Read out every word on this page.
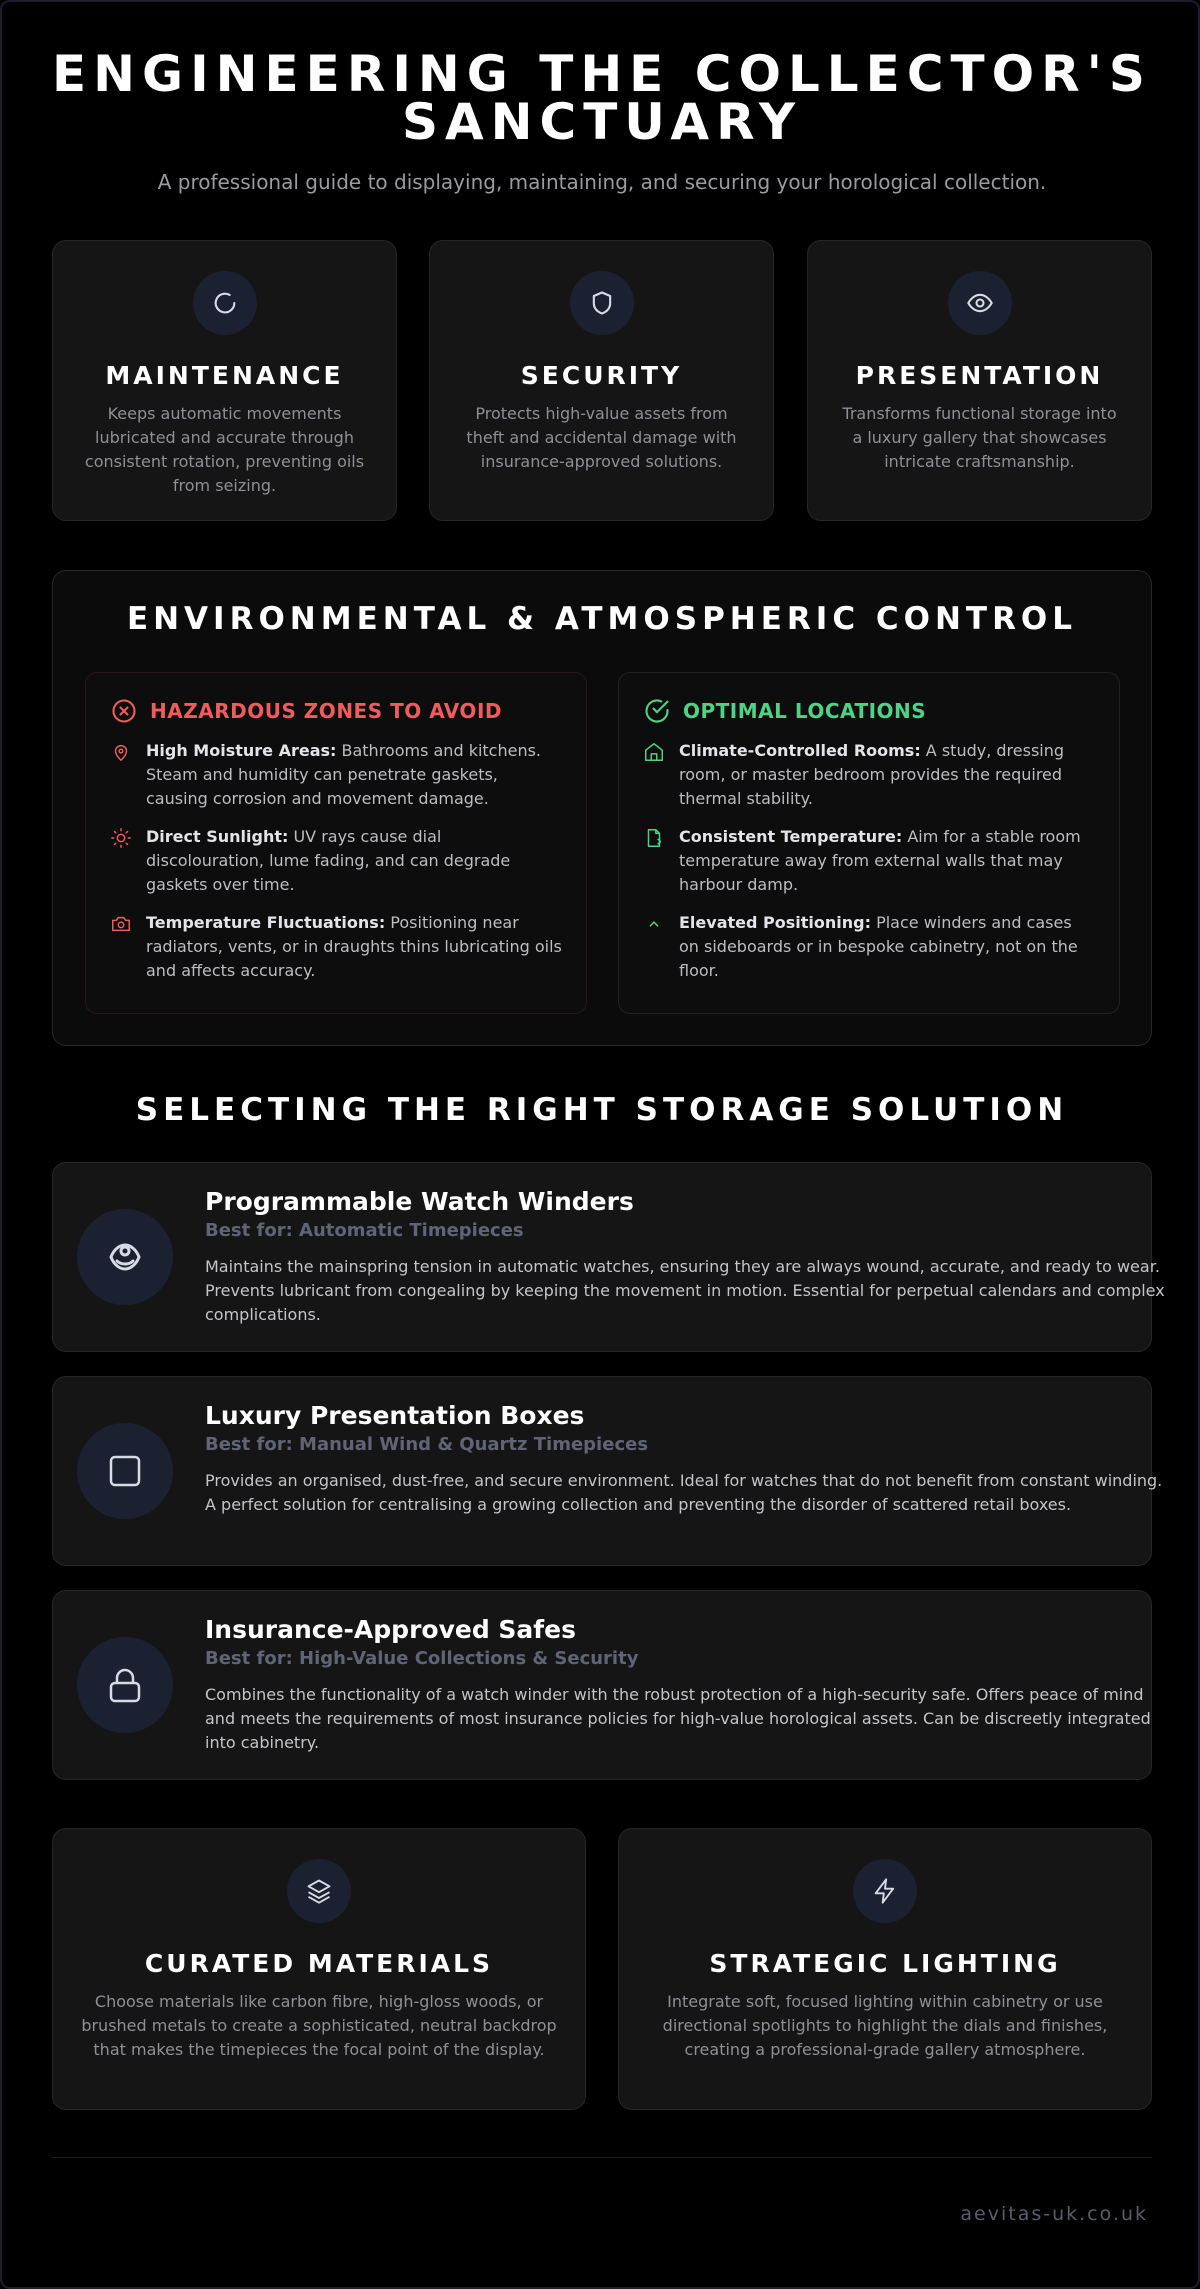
ENGINEERING THE COLLECTOR'S
SANCTUARY

A professional guide to displaying, maintaining, and securing your horological collection.

MAINTENANCE

Keeps automatic movements lubricated and accurate through consistent rotation, preventing oils from seizing.

SECURITY

Protects high-value assets from theft and accidental damage with insurance-approved solutions.

PRESENTATION

Transforms functional storage into a luxury gallery that showcases intricate craftsmanship.

ENVIRONMENTAL & ATMOSPHERIC CONTROL
HAZARDOUS ZONES TO AVOID
High Moisture Areas: Bathrooms and kitchens. Steam and humidity can penetrate gaskets, causing corrosion and movement damage.
Direct Sunlight: UV rays cause dial discolouration, lume fading, and can degrade gaskets over time.
Temperature Fluctuations: Positioning near radiators, vents, or in draughts thins lubricating oils and affects accuracy.
OPTIMAL LOCATIONS
Climate-Controlled Rooms: A study, dressing room, or master bedroom provides the required thermal stability.
Consistent Temperature: Aim for a stable room temperature away from external walls that may harbour damp.
Elevated Positioning: Place winders and cases on sideboards or in bespoke cabinetry, not on the floor.
SELECTING THE RIGHT STORAGE SOLUTION
Programmable Watch Winders
Best for: Automatic Timepieces
Maintains the mainspring tension in automatic watches, ensuring they are always wound, accurate, and ready to wear. Prevents lubricant from congealing by keeping the movement in motion. Essential for perpetual calendars and complex complications.
Luxury Presentation Boxes
Best for: Manual Wind & Quartz Timepieces
Provides an organised, dust-free, and secure environment. Ideal for watches that do not benefit from constant winding. A perfect solution for centralising a growing collection and preventing the disorder of scattered retail boxes.
Insurance-Approved Safes
Best for: High-Value Collections & Security
Combines the functionality of a watch winder with the robust protection of a high-security safe. Offers peace of mind and meets the requirements of most insurance policies for high-value horological assets. Can be discreetly integrated into cabinetry.
CURATED MATERIALS

Choose materials like carbon fibre, high-gloss woods, or brushed metals to create a sophisticated, neutral backdrop that makes the timepieces the focal point of the display.

STRATEGIC LIGHTING

Integrate soft, focused lighting within cabinetry or use directional spotlights to highlight the dials and finishes, creating a professional-grade gallery atmosphere.

aevitas-uk.co.uk
